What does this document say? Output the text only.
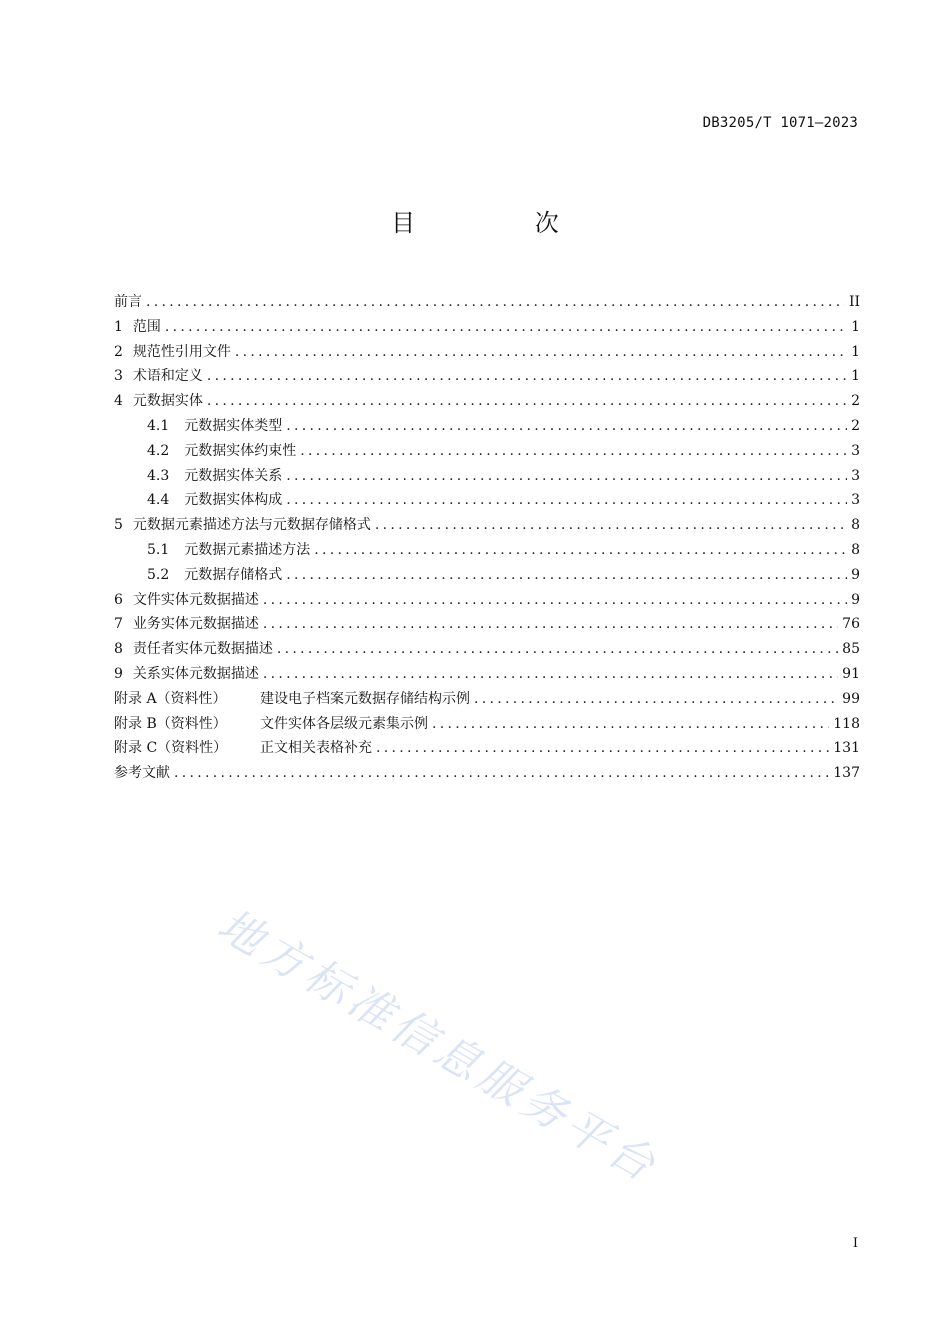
DB3205/T 1071—2023
目 次
前言 .....	II
1 范围 .....	1
2 规范性引用文件 .....	1
3 术语和定义 .....	1
4 元数据实体 .....	2
4.1 元数据实体类型 .....	2
4.2 元数据实体约束性 .....	3
4.3 元数据实体关系 .....	3
4.4 元数据实体构成 .....	3
5 元数据元素描述方法与元数据存储格式 .....	8
5.1 元数据元素描述方法 .....	8
5.2 元数据存储格式 .....	9
6 文件实体元数据描述 .....	9
7 业务实体元数据描述 .....	76
8 责任者实体元数据描述 .....	85
9 关系实体元数据描述 .....	91
附录 A（资料性）	建设电子档案元数据存储结构示例 .....	99
附录 B（资料性）	文件实体各层级元素集示例 .....	118
附录 C（资料性）	正文相关表格补充 .....	131
参考文献 .....	137
地方标准信息服务平台
I
